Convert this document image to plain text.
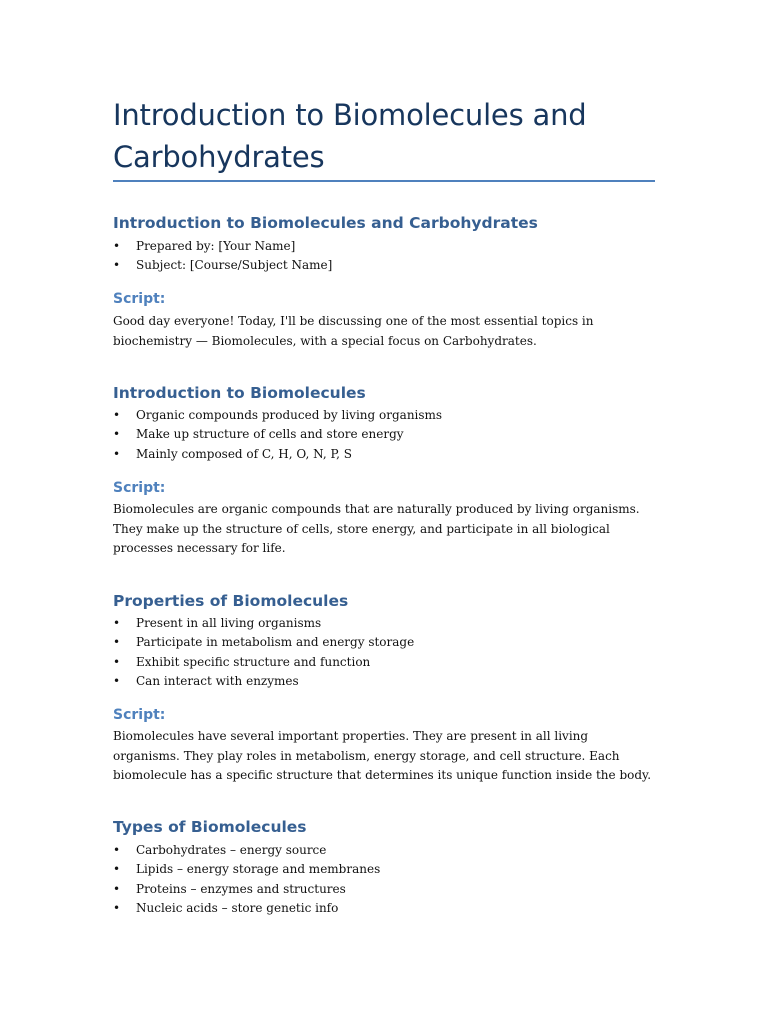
Introduction to Biomolecules and Carbohydrates
Introduction to Biomolecules and Carbohydrates
• Prepared by: [Your Name]
• Subject: [Course/Subject Name]
Script:

Good day everyone! Today, I'll be discussing one of the most essential topics in biochemistry — Biomolecules, with a special focus on Carbohydrates.

Introduction to Biomolecules
• Organic compounds produced by living organisms
• Make up structure of cells and store energy
• Mainly composed of C, H, O, N, P, S
Script:

Biomolecules are organic compounds that are naturally produced by living organisms. They make up the structure of cells, store energy, and participate in all biological processes necessary for life.

Properties of Biomolecules
• Present in all living organisms
• Participate in metabolism and energy storage
• Exhibit specific structure and function
• Can interact with enzymes
Script:

Biomolecules have several important properties. They are present in all living organisms. They play roles in metabolism, energy storage, and cell structure. Each biomolecule has a specific structure that determines its unique function inside the body.

Types of Biomolecules
• Carbohydrates – energy source
• Lipids – energy storage and membranes
• Proteins – enzymes and structures
• Nucleic acids – store genetic info
